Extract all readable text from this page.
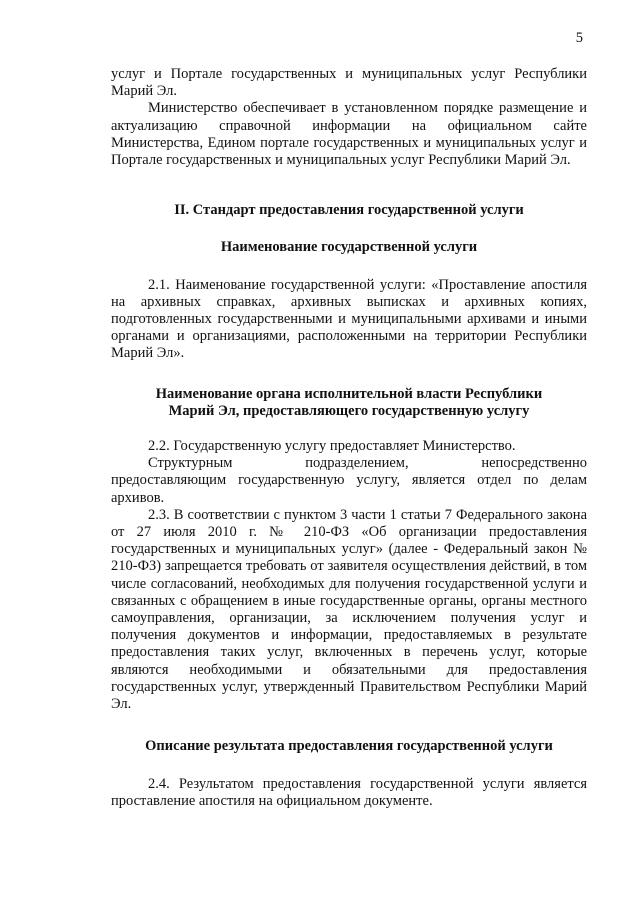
5

услуг и Портале государственных и муниципальных услуг Республики Марий Эл.

Министерство обеспечивает в установленном порядке размещение и актуализацию справочной информации на официальном сайте Министерства, Едином портале государственных и муниципальных услуг и Портале государственных и муниципальных услуг Республики Марий Эл.

II. Стандарт предоставления государственной услуги

Наименование государственной услуги

2.1. Наименование государственной услуги: «Проставление апостиля на архивных справках, архивных выписках и архивных копиях, подготовленных государственными и муниципальными архивами и иными органами и организациями, расположенными на территории Республики Марий Эл».

Наименование органа исполнительной власти Республики

Марий Эл, предоставляющего государственную услугу

2.2. Государственную услугу предоставляет Министерство.

Структурным	подразделением,	непосредственно

предоставляющим государственную услугу, является отдел по делам архивов.

2.3. В соответствии с пунктом 3 части 1 статьи 7 Федерального закона от 27 июля 2010 г. № 210-ФЗ «Об организации предоставления государственных и муниципальных услуг» (далее - Федеральный закон № 210-ФЗ) запрещается требовать от заявителя осуществления действий, в том числе согласований, необходимых для получения государственной услуги и связанных с обращением в иные государственные органы, органы местного самоуправления, организации, за исключением получения услуг и получения документов и информации, предоставляемых в результате предоставления таких услуг, включенных в перечень услуг, которые являются необходимыми и обязательными для предоставления государственных услуг, утвержденный Правительством Республики Марий Эл.

Описание результата предоставления государственной услуги

2.4. Результатом предоставления государственной услуги является проставление апостиля на официальном документе.
